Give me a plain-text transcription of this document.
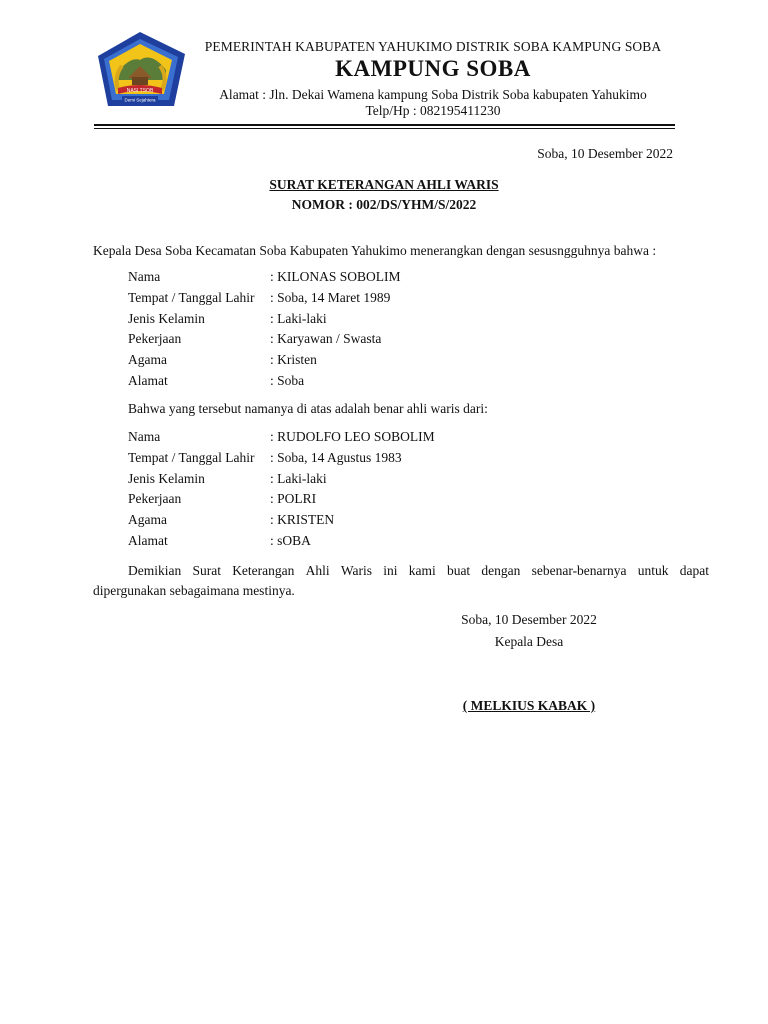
NASI TSOB
Demi Sejahtera
PEMERINTAH KABUPATEN YAHUKIMO DISTRIK SOBA KAMPUNG SOBA
KAMPUNG SOBA
Alamat : Jln. Dekai Wamena kampung Soba Distrik Soba kabupaten Yahukimo
Telp/Hp : 082195411230
Soba, 10 Desember 2022
SURAT KETERANGAN AHLI WARIS
NOMOR : 002/DS/YHM/S/2022
Kepala Desa Soba Kecamatan Soba Kabupaten Yahukimo menerangkan dengan sesusngguhnya bahwa :
Nama	: KILONAS SOBOLIM
Tempat / Tanggal Lahir : Soba, 14 Maret 1989
Jenis Kelamin	: Laki-laki
Pekerjaan	: Karyawan / Swasta
Agama	: Kristen
Alamat	: Soba
Bahwa yang tersebut namanya di atas adalah benar ahli waris dari:
Nama	: RUDOLFO LEO SOBOLIM
Tempat / Tanggal Lahir : Soba, 14 Agustus 1983
Jenis Kelamin	: Laki-laki
Pekerjaan	: POLRI
Agama	: KRISTEN
Alamat	: sOBA
Demikian Surat Keterangan Ahli Waris ini kami buat dengan sebenar-benarnya untuk dapat
dipergunakan sebagaimana mestinya.
Soba, 10 Desember 2022
Kepala Desa
( MELKIUS KABAK )
